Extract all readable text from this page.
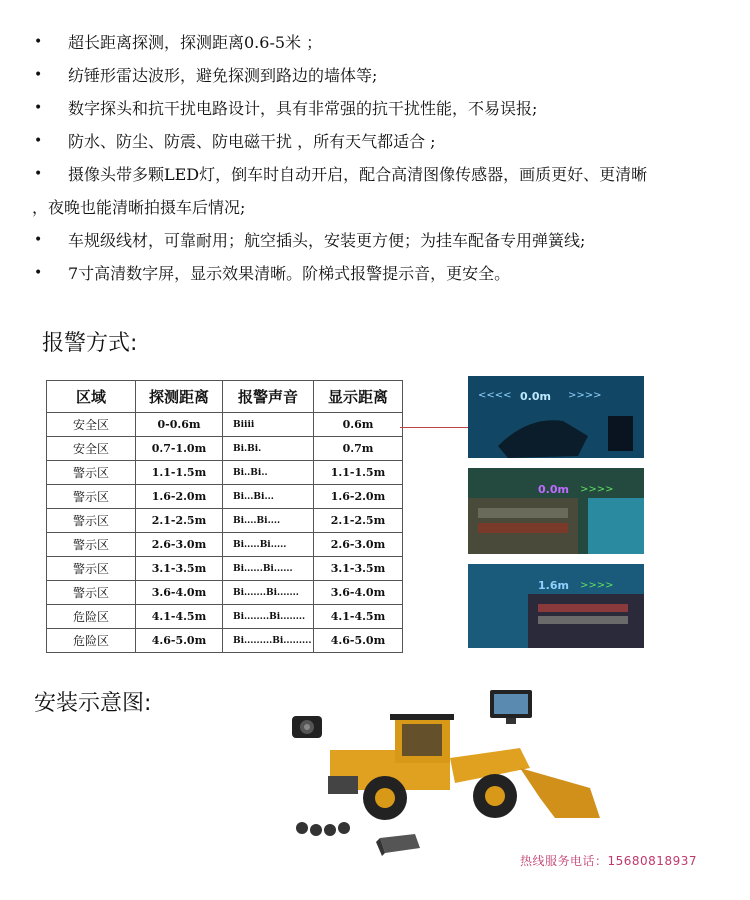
• 超长距离探测，探测距离0.6-5米 ；
• 纺锤形雷达波形，避免探测到路边的墙体等;
• 数字探头和抗干扰电路设计，具有非常强的抗干扰性能，不易误报;
• 防水、防尘、防震、防电磁干扰 ，所有天气都适合 ;
• 摄像头带多颗LED灯，倒车时自动开启，配合高清图像传感器，画质更好、更清晰
，夜晚也能清晰拍摄车后情况;
• 车规级线材，可靠耐用；航空插头，安装更方便；为挂车配备专用弹簧线;
• 7寸高清数字屏，显示效果清晰。阶梯式报警提示音，更安全。
报警方式:
区域	探测距离	报警声音	显示距离
安全区	0-0.6m	Biiii	0.6m
安全区	0.7-1.0m	Bi.Bi.	0.7m
警示区	1.1-1.5m	Bi..Bi..	1.1-1.5m
警示区	1.6-2.0m	Bi...Bi...	1.6-2.0m
警示区	2.1-2.5m	Bi....Bi....	2.1-2.5m
警示区	2.6-3.0m	Bi.....Bi.....	2.6-3.0m
警示区	3.1-3.5m	Bi......Bi......	3.1-3.5m
警示区	3.6-4.0m	Bi.......Bi.......	3.6-4.0m
危险区	4.1-4.5m	Bi........Bi........	4.1-4.5m
危险区	4.6-5.0m	Bi.........Bi.........	4.6-5.0m
<<<< 0.0m >>>>
0.0m >>>>
1.6m >>>>
安装示意图:
热线服务电话：15680818937
